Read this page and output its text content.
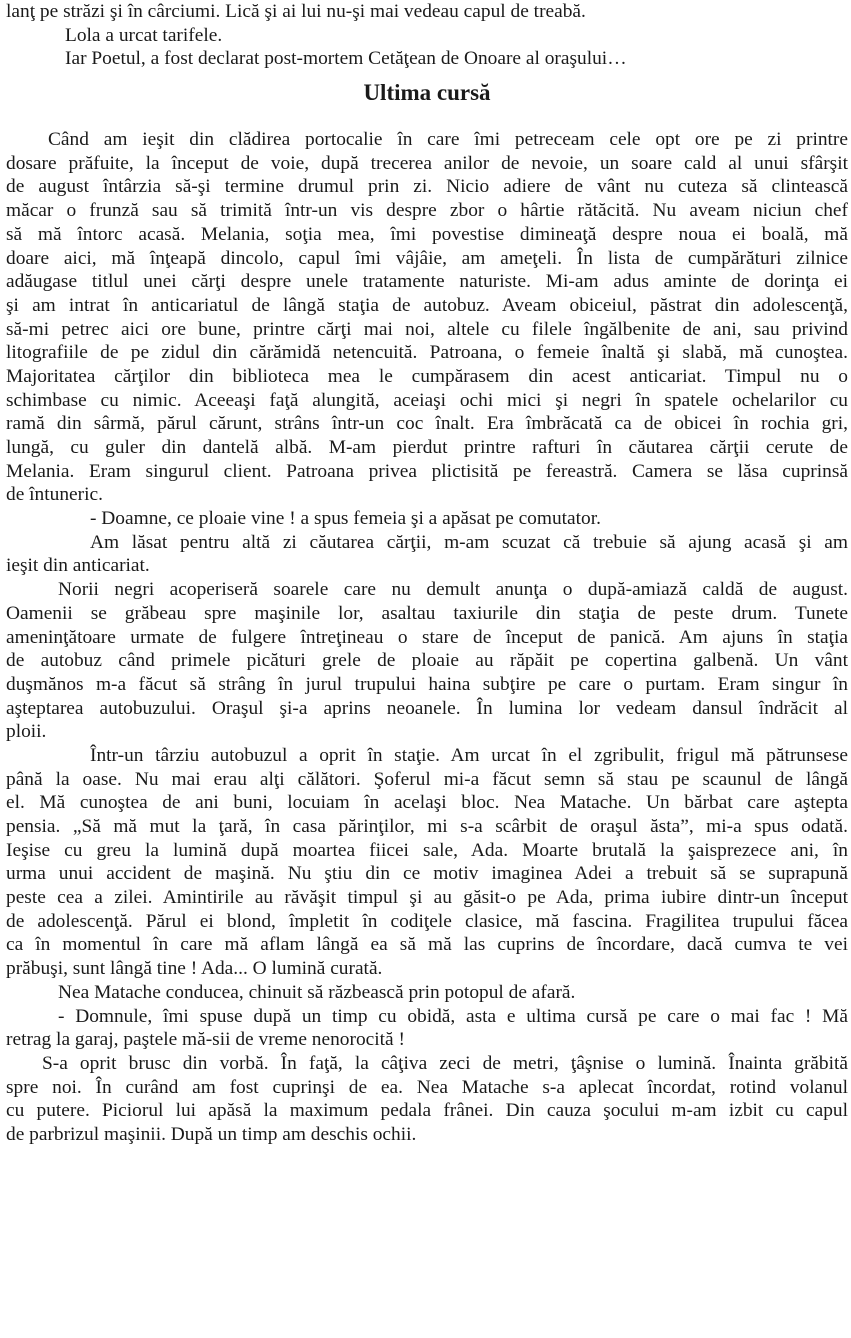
lanţ pe străzi şi în cârciumi. Lică şi ai lui nu-şi mai vedeau capul de treabă.

Lola a urcat tarifele.

Iar Poetul, a fost declarat post-mortem Cetăţean de Onoare al oraşului…

Ultima cursă

Când am ieşit din clădirea portocalie în care îmi petreceam cele opt ore pe zi printre

dosare prăfuite, la început de voie, după trecerea anilor de nevoie, un soare cald al unui sfârşit

de august întârzia să-şi termine drumul prin zi. Nicio adiere de vânt nu cuteza să clintească

măcar o frunză sau să trimită într-un vis despre zbor o hârtie rătăcită. Nu aveam niciun chef

să mă întorc acasă. Melania, soţia mea, îmi povestise dimineaţă despre noua ei boală, mă

doare aici, mă înţeapă dincolo, capul îmi vâjâie, am ameţeli. În lista de cumpărături zilnice

adăugase titlul unei cărţi despre unele tratamente naturiste. Mi-am adus aminte de dorinţa ei

şi am intrat în anticariatul de lângă staţia de autobuz. Aveam obiceiul, păstrat din adolescenţă,

să-mi petrec aici ore bune, printre cărţi mai noi, altele cu filele îngălbenite de ani, sau privind

litografiile de pe zidul din cărămidă netencuită. Patroana, o femeie înaltă şi slabă, mă cunoştea.

Majoritatea cărţilor din biblioteca mea le cumpărasem din acest anticariat. Timpul nu o

schimbase cu nimic. Aceeaşi faţă alungită, aceiaşi ochi mici şi negri în spatele ochelarilor cu

ramă din sârmă, părul cărunt, strâns într-un coc înalt. Era îmbrăcată ca de obicei în rochia gri,

lungă, cu guler din dantelă albă. M-am pierdut printre rafturi în căutarea cărţii cerute de

Melania. Eram singurul client. Patroana privea plictisită pe fereastră. Camera se lăsa cuprinsă

de întuneric.

- Doamne, ce ploaie vine ! a spus femeia şi a apăsat pe comutator.

Am lăsat pentru altă zi căutarea cărţii, m-am scuzat că trebuie să ajung acasă şi am

ieşit din anticariat.

Norii negri acoperiseră soarele care nu demult anunţa o după-amiază caldă de august.

Oamenii se grăbeau spre maşinile lor, asaltau taxiurile din staţia de peste drum. Tunete

ameninţătoare urmate de fulgere întreţineau o stare de început de panică. Am ajuns în staţia

de autobuz când primele picături grele de ploaie au răpăit pe copertina galbenă. Un vânt

duşmănos m-a făcut să strâng în jurul trupului haina subţire pe care o purtam. Eram singur în

aşteptarea autobuzului. Oraşul şi-a aprins neoanele. În lumina lor vedeam dansul îndrăcit al

ploii.

Într-un târziu autobuzul a oprit în staţie. Am urcat în el zgribulit, frigul mă pătrunsese

până la oase. Nu mai erau alţi călători. Şoferul mi-a făcut semn să stau pe scaunul de lângă

el. Mă cunoştea de ani buni, locuiam în acelaşi bloc. Nea Matache. Un bărbat care aştepta

pensia. „Să mă mut la ţară, în casa părinţilor, mi s-a scârbit de oraşul ăsta”, mi-a spus odată.

Ieşise cu greu la lumină după moartea fiicei sale, Ada. Moarte brutală la şaisprezece ani, în

urma unui accident de maşină. Nu ştiu din ce motiv imaginea Adei a trebuit să se suprapună

peste cea a zilei. Amintirile au răvăşit timpul şi au găsit-o pe Ada, prima iubire dintr-un început

de adolescenţă. Părul ei blond, împletit în codiţele clasice, mă fascina. Fragilitea trupului făcea

ca în momentul în care mă aflam lângă ea să mă las cuprins de încordare, dacă cumva te vei

prăbuşi, sunt lângă tine ! Ada... O lumină curată.

Nea Matache conducea, chinuit să răzbească prin potopul de afară.

- Domnule, îmi spuse după un timp cu obidă, asta e ultima cursă pe care o mai fac ! Mă

retrag la garaj, paştele mă-sii de vreme nenorocită !

S-a oprit brusc din vorbă. În faţă, la câţiva zeci de metri, ţâşnise o lumină. Înainta grăbită

spre noi. În curând am fost cuprinşi de ea. Nea Matache s-a aplecat încordat, rotind volanul

cu putere. Piciorul lui apăsă la maximum pedala frânei. Din cauza şocului m-am izbit cu capul

de parbrizul maşinii. După un timp am deschis ochii.
